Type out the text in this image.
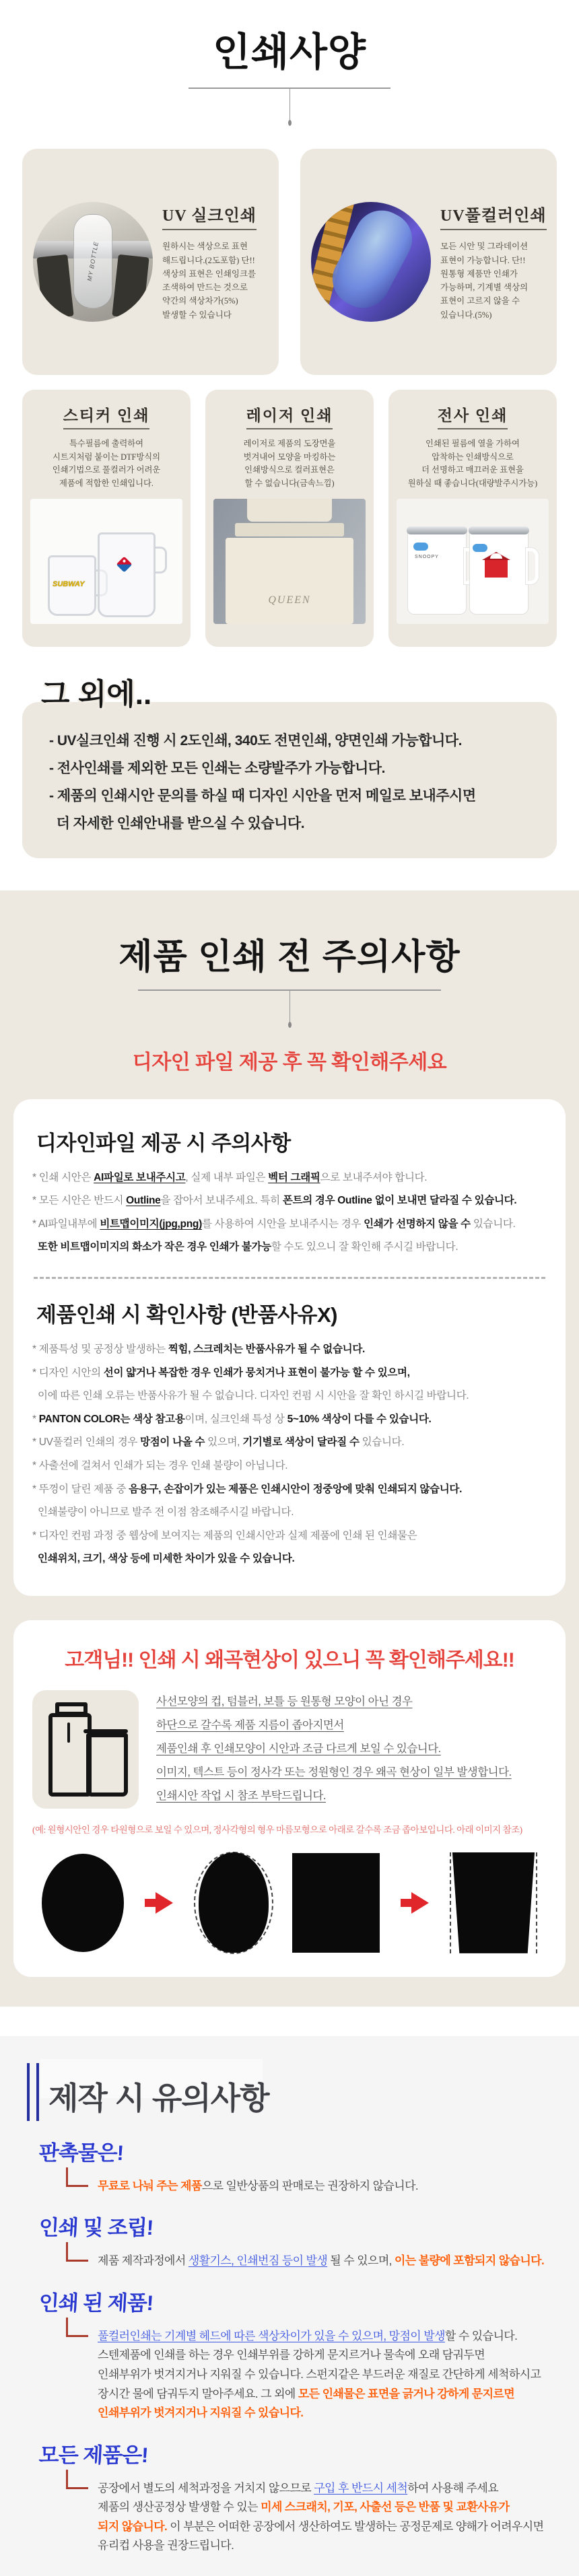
인쇄사양
MY BOTTLE
UV 실크인쇄
원하시는 색상으로 표현
해드립니다.(2도포함) 단!!
색상의 표현은 인쇄잉크를
조색하여 만드는 것으로
약간의 색상차가(5%)
발생할 수 있습니다
UV풀컬러인쇄
모든 시안 및 그라데이션
표현이 가능합니다. 단!!
원통형 제품만 인쇄가
가능하며, 기계별 색상의
표현이 고르지 않을 수
있습니다.(5%)
스티커 인쇄
특수필름에 출력하여
시트지처럼 붙이는 DTF방식의
인쇄기법으로 풀컬러가 어려운
제품에 적합한 인쇄입니다.
SUBWAY
레이저 인쇄
레이저로 제품의 도장면을
벗겨내어 모양을 마킹하는
인쇄방식으로 컬러표현은
할 수 없습니다(금속느낌)
QUEEN
전사 인쇄
인쇄된 필름에 열을 가하여
압착하는 인쇄방식으로
더 선명하고 매끄러운 표현을
원하실 때 좋습니다(대량발주시가능)
SNOOPY
그 외에..
- UV실크인쇄 진행 시 2도인쇄, 340도 전면인쇄, 양면인쇄 가능합니다.
- 전사인쇄를 제외한 모든 인쇄는 소량발주가 가능합니다.
- 제품의 인쇄시안 문의를 하실 때 디자인 시안을 먼저 메일로 보내주시면
더 자세한 인쇄안내를 받으실 수 있습니다.
제품 인쇄 전 주의사항
디자인 파일 제공 후 꼭 확인해주세요
디자인파일 제공 시 주의사항
* 인쇄 시안은 AI파일로 보내주시고, 실제 내부 파일은 벡터 그래픽으로 보내주셔야 합니다.
* 모든 시안은 반드시 Outline을 잡아서 보내주세요. 특히 폰트의 경우 Outline 없이 보내면 달라질 수 있습니다.
* AI파일내부에 비트맵이미지(jpg,png)를 사용하여 시안을 보내주시는 경우 인쇄가 선명하지 않을 수 있습니다.
또한 비트맵이미지의 화소가 작은 경우 인쇄가 불가능할 수도 있으니 잘 확인해 주시길 바랍니다.
제품인쇄 시 확인사항 (반품사유X)
* 제품특성 및 공정상 발생하는 찍힘, 스크레치는 반품사유가 될 수 없습니다.
* 디자인 시안의 선이 얇거나 복잡한 경우 인쇄가 뭉치거나 표현이 불가능 할 수 있으며,
이에 따른 인쇄 오류는 반품사유가 될 수 없습니다. 디자인 컨펌 시 시안을 잘 확인 하시길 바랍니다.
* PANTON COLOR는 색상 참고용이며, 실크인쇄 특성 상 5~10% 색상이 다를 수 있습니다.
* UV풀컬러 인쇄의 경우 망점이 나올 수 있으며, 기기별로 색상이 달라질 수 있습니다.
* 사출선에 걸쳐서 인쇄가 되는 경우 인쇄 불량이 아닙니다.
* 뚜껑이 달린 제품 중 음용구, 손잡이가 있는 제품은 인쇄시안이 정중앙에 맞춰 인쇄되지 않습니다.
인쇄불량이 아니므로 발주 전 이점 참조해주시길 바랍니다.
* 디자인 컨펌 과정 중 웹상에 보여지는 제품의 인쇄시안과 실제 제품에 인쇄 된 인쇄물은
인쇄위치, 크기, 색상 등에 미세한 차이가 있을 수 있습니다.
고객님!! 인쇄 시 왜곡현상이 있으니 꼭 확인해주세요!!
사선모양의 컵, 텀블러, 보틀 등 원통형 모양이 아닌 경우
하단으로 갈수록 제품 지름이 좁아지면서
제품인쇄 후 인쇄모양이 시안과 조금 다르게 보일 수 있습니다.
이미지, 텍스트 등이 정사각 또는 정원형인 경우 왜곡 현상이 일부 발생합니다.
인쇄시안 작업 시 참조 부탁드립니다.
(예: 원형시안인 경우 타원형으로 보일 수 있으며, 정사각형의 형우 마름모형으로 아래로 갈수록 조금 좁아보입니다. 아래 이미지 참조)
제작 시 유의사항
판촉물은!
무료로 나눠 주는 제품으로 일반상품의 판매로는 권장하지 않습니다.
인쇄 및 조립!
제품 제작과정에서 생활기스, 인쇄번짐 등이 발생 될 수 있으며, 이는 불량에 포함되지 않습니다.
인쇄 된 제품!
풀컬러인쇄는 기계별 헤드에 따른 색상차이가 있을 수 있으며, 망점이 발생할 수 있습니다.
스텐제품에 인쇄를 하는 경우 인쇄부위를 강하게 문지르거나 물속에 오래 담궈두면
인쇄부위가 벗겨지거나 지워질 수 있습니다. 스펀지같은 부드러운 재질로 간단하게 세척하시고
장시간 물에 담궈두지 말아주세요. 그 외에 모든 인쇄물은 표면을 긁거나 강하게 문지르면
인쇄부위가 벗겨지거나 지워질 수 있습니다.
모든 제품은!
공장에서 별도의 세척과정을 거치지 않으므로 구입 후 반드시 세척하여 사용해 주세요
제품의 생산공정상 발생할 수 있는 미세 스크래치, 기포, 사출선 등은 반품 및 교환사유가
되지 않습니다. 이 부분은 어떠한 공장에서 생산하여도 발생하는 공정문제로 양해가 어려우시면
유리컵 사용을 권장드립니다.
